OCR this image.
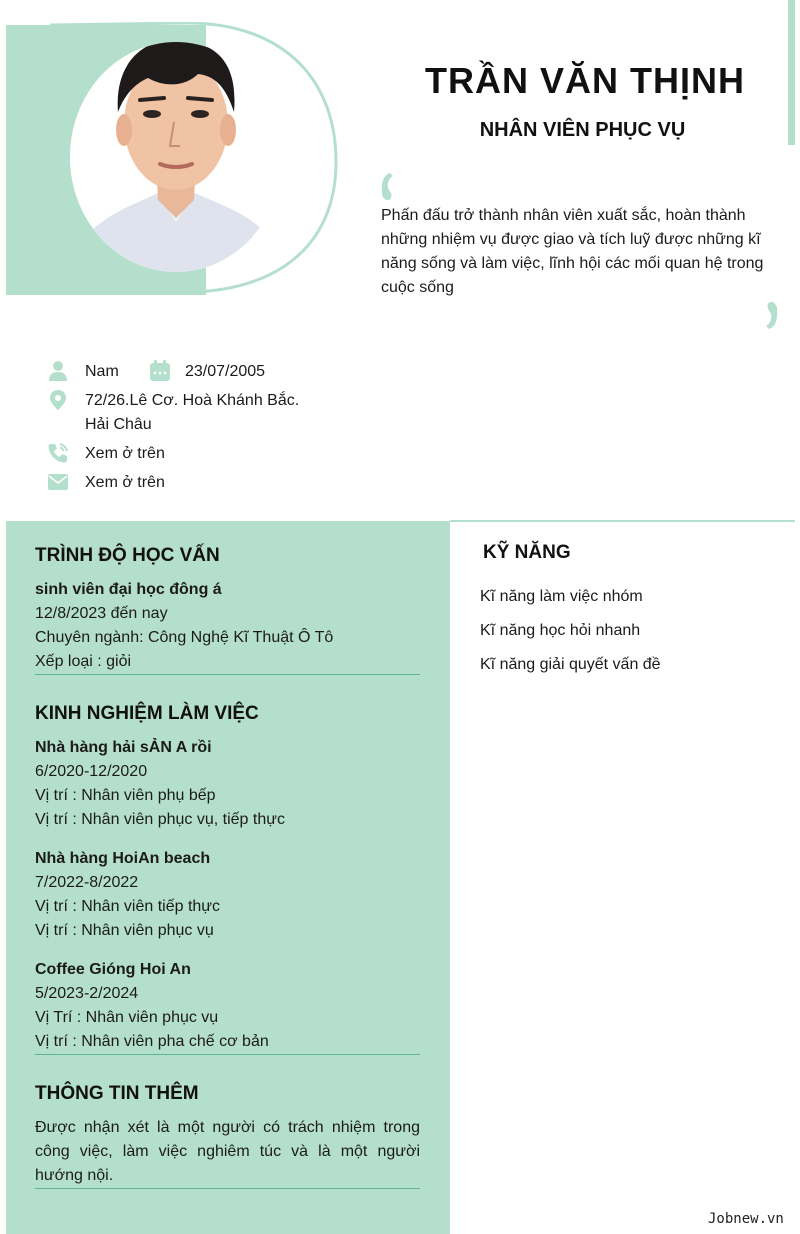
TRẦN VĂN THỊNH
NHÂN VIÊN PHỤC VỤ

Phấn đấu trở thành nhân viên xuất sắc, hoàn thành những nhiệm vụ được giao và tích luỹ được những kĩ năng sống và làm việc, lĩnh hội các mối quan hệ trong cuộc sống

Nam	23/07/2005
72/26.Lê Cơ. Hoà Khánh Bắc.
Hải Châu
Xem ở trên
Xem ở trên
KỸ NĂNG
Kĩ năng làm việc nhóm
Kĩ năng học hỏi nhanh
Kĩ năng giải quyết vấn đề
TRÌNH ĐỘ HỌC VẤN
sinh viên đại học đông á
12/8/2023 đến nay
Chuyên ngành: Công Nghệ Kĩ Thuật Ô Tô
Xếp loại : giỏi
KINH NGHIỆM LÀM VIỆC
Nhà hàng hải sẢN A rồi
6/2020-12/2020
Vị trí : Nhân viên phụ bếp
Vị trí : Nhân viên phục vụ, tiếp thực
Nhà hàng HoiAn beach
7/2022-8/2022
Vị trí : Nhân viên tiếp thực
Vị trí : Nhân viên phục vụ
Coffee Gióng Hoi An
5/2023-2/2024
Vị Trí : Nhân viên phục vụ
Vị trí : Nhân viên pha chế cơ bản
THÔNG TIN THÊM

Được nhận xét là một người có trách nhiệm trong công việc, làm việc nghiêm túc và là một người hướng nội.

Jobnew.vn
